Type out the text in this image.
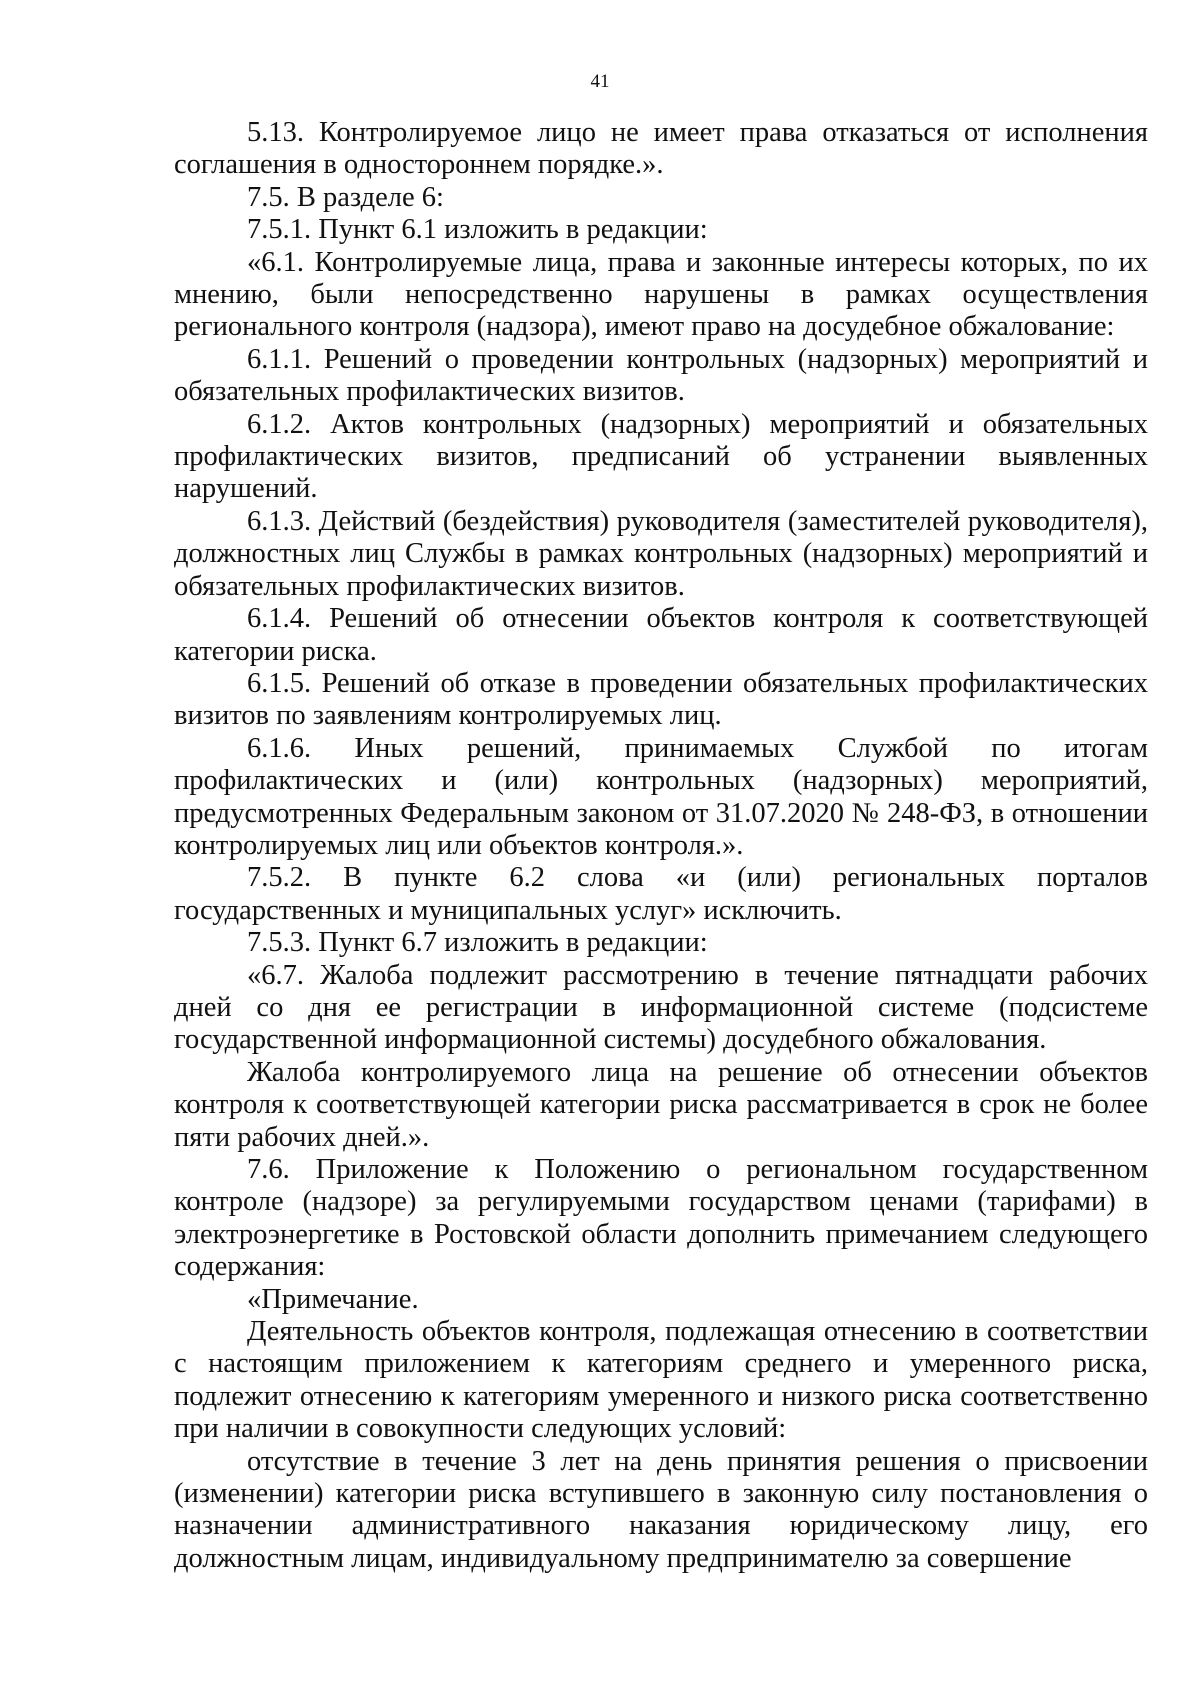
41

5.13. Контролируемое лицо не имеет права отказаться от исполнения соглашения в одностороннем порядке.».

7.5. В разделе 6:

7.5.1. Пункт 6.1 изложить в редакции:

«6.1. Контролируемые лица, права и законные интересы которых, по их мнению, были непосредственно нарушены в рамках осуществления регионального контроля (надзора), имеют право на досудебное обжалование:

6.1.1. Решений о проведении контрольных (надзорных) мероприятий и обязательных профилактических визитов.

6.1.2. Актов контрольных (надзорных) мероприятий и обязательных профилактических визитов, предписаний об устранении выявленных нарушений.

6.1.3. Действий (бездействия) руководителя (заместителей руководителя), должностных лиц Службы в рамках контрольных (надзорных) мероприятий и обязательных профилактических визитов.

6.1.4. Решений об отнесении объектов контроля к соответствующей категории риска.

6.1.5. Решений об отказе в проведении обязательных профилактических визитов по заявлениям контролируемых лиц.

6.1.6. Иных решений, принимаемых Службой по итогам профилактических и (или) контрольных (надзорных) мероприятий, предусмотренных Федеральным законом от 31.07.2020 № 248-ФЗ, в отношении контролируемых лиц или объектов контроля.».

7.5.2. В пункте 6.2 слова «и (или) региональных порталов государственных и муниципальных услуг» исключить.

7.5.3. Пункт 6.7 изложить в редакции:

«6.7. Жалоба подлежит рассмотрению в течение пятнадцати рабочих дней со дня ее регистрации в информационной системе (подсистеме государственной информационной системы) досудебного обжалования.

Жалоба контролируемого лица на решение об отнесении объектов контроля к соответствующей категории риска рассматривается в срок не более пяти рабочих дней.».

7.6. Приложение к Положению о региональном государственном контроле (надзоре) за регулируемыми государством ценами (тарифами) в электроэнергетике в Ростовской области дополнить примечанием следующего содержания:

«Примечание.

Деятельность объектов контроля, подлежащая отнесению в соответствии с настоящим приложением к категориям среднего и умеренного риска, подлежит отнесению к категориям умеренного и низкого риска соответственно при наличии в совокупности следующих условий:

отсутствие в течение 3 лет на день принятия решения о присвоении (изменении) категории риска вступившего в законную силу постановления о назначении административного наказания юридическому лицу, его должностным лицам, индивидуальному предпринимателю за совершение
